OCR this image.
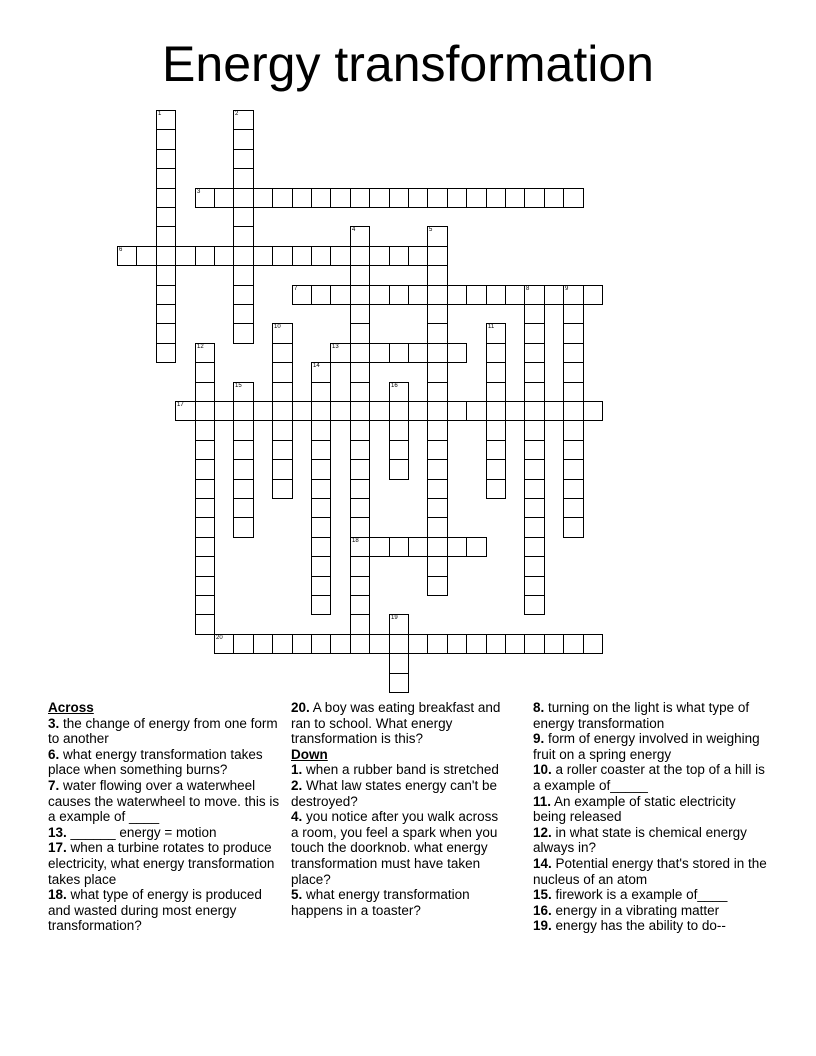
Energy transformation
1	2
3
4
18
5
6
7	8	9
10	11
12	13
14
15	16
17
19
20
Across
3. the change of energy from one form to another
6. what energy transformation takes place when something burns?
7. water flowing over a waterwheel causes the waterwheel to move. this is a example of ____
13. ______ energy = motion
17. when a turbine rotates to produce electricity, what energy transformation takes place
18. what type of energy is produced and wasted during most energy transformation?
20. A boy was eating breakfast and ran to school. What energy transformation is this?
Down
1. when a rubber band is stretched
2. What law states energy can't be destroyed?
4. you notice after you walk across a room, you feel a spark when you touch the doorknob. what energy transformation must have taken place?
5. what energy transformation happens in a toaster?
8. turning on the light is what type of energy transformation
9. form of energy involved in weighing fruit on a spring energy
10. a roller coaster at the top of a hill is a example of_____
11. An example of static electricity being released
12. in what state is chemical energy always in?
14. Potential energy that's stored in the nucleus of an atom
15. firework is a example of____
16. energy in a vibrating matter
19. energy has the ability to do--
